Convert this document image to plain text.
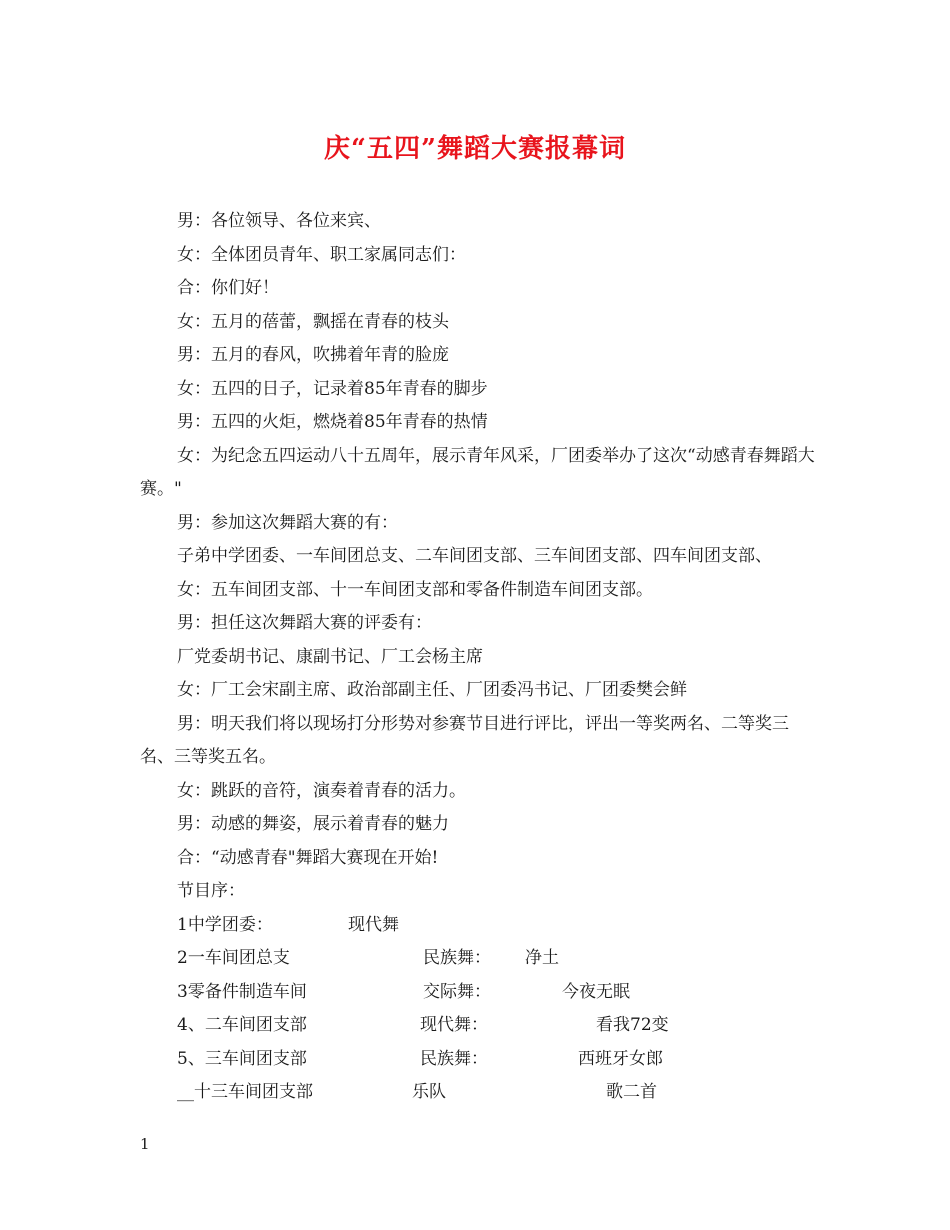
庆“五四”舞蹈大赛报幕词

男：各位领导、各位来宾、

女：全体团员青年、职工家属同志们：

合：你们好！

女：五月的蓓蕾，飘摇在青春的枝头

男：五月的春风，吹拂着年青的脸庞

女：五四的日子，记录着85年青春的脚步

男：五四的火炬，燃烧着85年青春的热情

女：为纪念五四运动八十五周年，展示青年风采，厂团委举办了这次“动感青春舞蹈大赛。"

男：参加这次舞蹈大赛的有：

子弟中学团委、一车间团总支、二车间团支部、三车间团支部、四车间团支部、

女：五车间团支部、十一车间团支部和零备件制造车间团支部。

男：担任这次舞蹈大赛的评委有：

厂党委胡书记、康副书记、厂工会杨主席

女：厂工会宋副主席、政治部副主任、厂团委冯书记、厂团委樊会鲜

男：明天我们将以现场打分形势对参赛节目进行评比，评出一等奖两名、二等奖三名、三等奖五名。

女：跳跃的音符，演奏着青春的活力。

男：动感的舞姿，展示着青春的魅力

合：“动感青春"舞蹈大赛现在开始!

节目序：

1中学团委：	现代舞
2一车间团总支	民族舞： 净土
3零备件制造车间	交际舞：	今夜无眠
4、二车间团支部	现代舞：	看我72变
5、三车间团支部	民族舞：	西班牙女郎
__十三车间团支部	乐队	歌二首
1
